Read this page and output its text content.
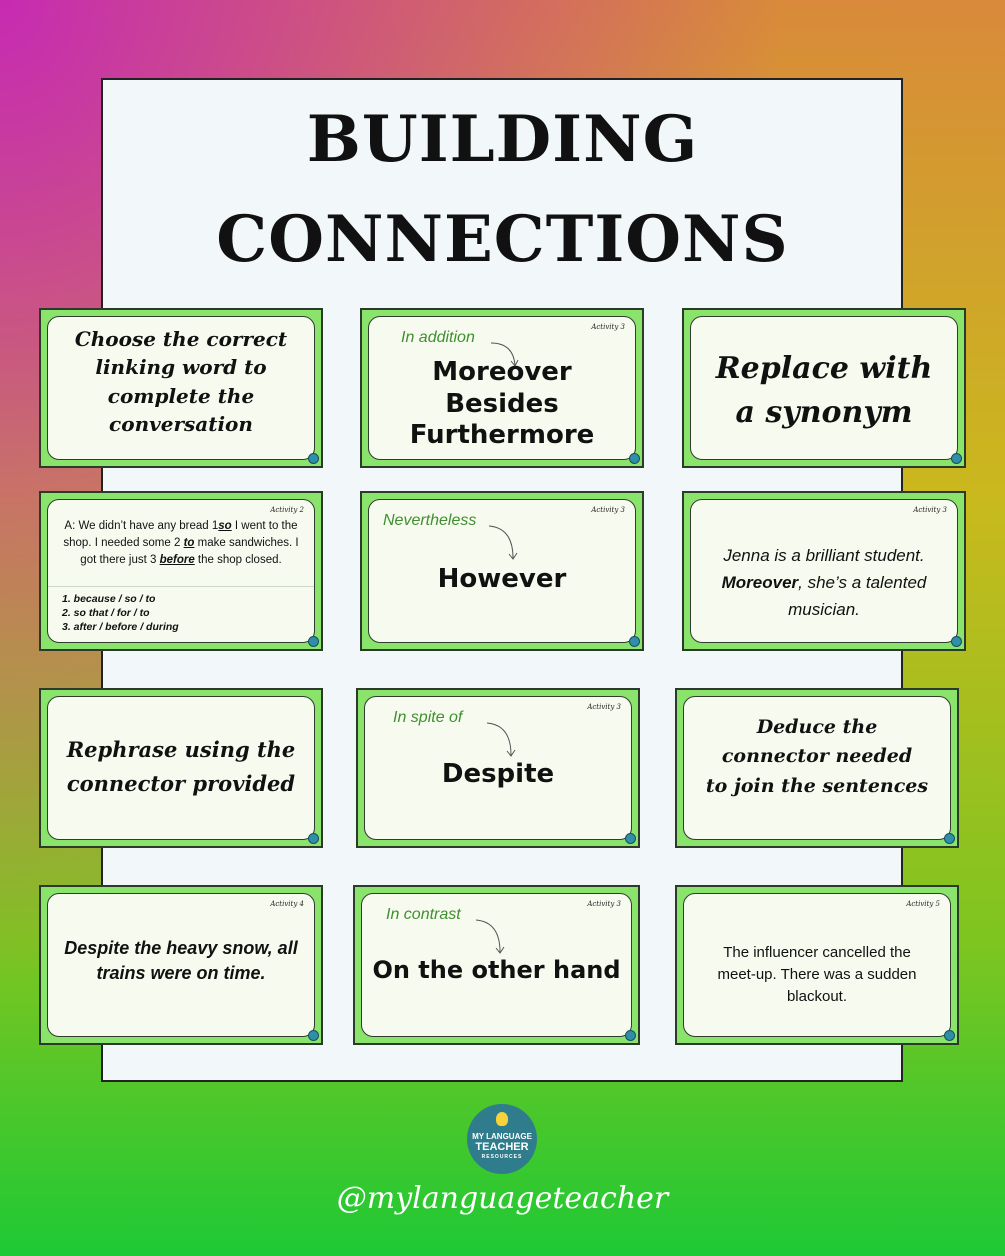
BUILDING
CONNECTIONS
Choose the correct
linking word to
complete the
conversation
Activity 3
In addition
Moreover
Besides
Furthermore
Replace with
a synonym
Activity 2
A: We didn’t have any bread 1so I went to the shop. I needed some 2 to make sandwiches. I got there just 3 before the shop closed.
1. because / so / to
2. so that / for / to
3. after / before / during
Activity 3
Nevertheless
However
Activity 3
Jenna is a brilliant student. Moreover, she’s a talented musician.
Rephrase using the
connector provided
Activity 3
In spite of
Despite
Deduce the
connector needed
to join the sentences
Activity 4
Despite the heavy snow, all trains were on time.
Activity 3
In contrast
On the other hand
Activity 5
The influencer cancelled the meet-up. There was a sudden blackout.
MY LANGUAGE
TEACHER
RESOURCES
@mylanguageteacher
